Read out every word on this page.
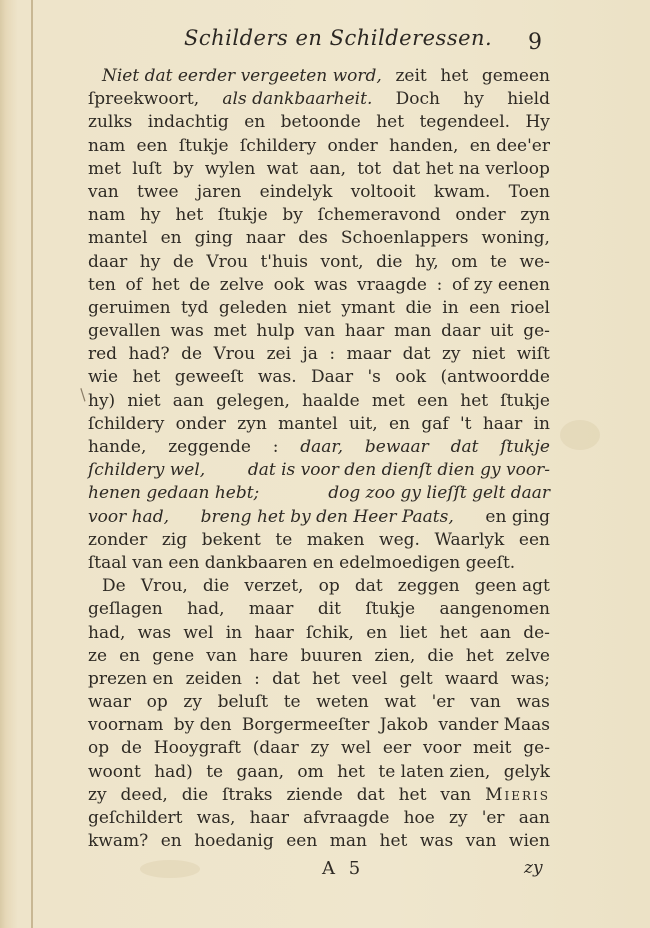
Schilders en Schilderessen. 9
/
Niet dat eerder vergeeten word, zeit het gemeen
ſpreekwoort, als dankbaarheit. Doch hy hield
zulks indachtig en betoonde het tegendeel. Hy
nam een ſtukje ſchildery onder handen, en dee'er
met luſt by wylen wat aan, tot dat het na verloop
van twee jaren eindelyk voltooit kwam. Toen
nam hy het ſtukje by ſchemeravond onder zyn
mantel en ging naar des Schoenlappers woning,
daar hy de Vrou t'huis vont, die hy, om te we-
ten of het de zelve ook was vraagde : of zy eenen
geruimen tyd geleden niet ymant die in een rioel
gevallen was met hulp van haar man daar uit ge-
red had? de Vrou zei ja : maar dat zy niet wiſt
wie het geweeſt was. Daar 's ook (antwoordde
hy) niet aan gelegen, haalde met een het ſtukje
ſchildery onder zyn mantel uit, en gaf 't haar in
hande, zeggende : daar, bewaar dat ſtukje
ſchildery wel,	dat is voor den dienſt dien gy voor-
henen gedaan hebt;	dog zoo gy lieſſt gelt daar
voor had, breng het by den Heer Paats, en ging
zonder zig bekent te maken weg. Waarlyk een
ſtaal van een dankbaaren en edelmoedigen geeſt.
De Vrou, die verzet, op dat zeggen geen agt
geſlagen had, maar dit ſtukje aangenomen
had, was wel in haar ſchik, en liet het aan de-
ze en gene van hare buuren zien, die het zelve
prezen en zeiden : dat het veel gelt waard was;
waar op zy beluſt te weten wat 'er van was
voornam by den Borgermeeſter Jakob vander Maas
op de Hooygraft (daar zy wel eer voor meit ge-
woont had) te gaan, om het te laten zien, gelyk
zy deed, die ſtraks ziende dat het van Mieris
geſchildert was, haar afvraagde hoe zy 'er aan
kwam? en hoedanig een man het was van wien
A 5	zy
